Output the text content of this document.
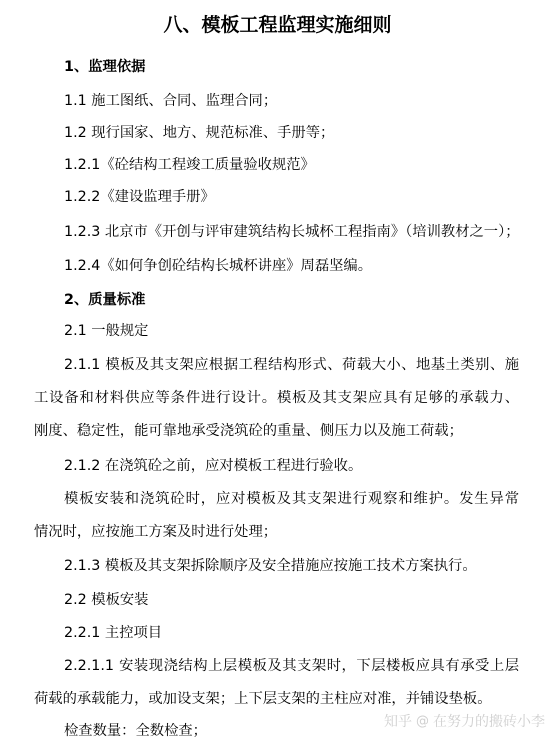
八、模板工程监理实施细则
1、监理依据
1.1 施工图纸、合同、监理合同；
1.2 现行国家、地方、规范标准、手册等；
1.2.1《砼结构工程竣工质量验收规范》
1.2.2《建设监理手册》
1.2.3 北京市《开创与评审建筑结构长城杯工程指南》（培训教材之一）；
1.2.4《如何争创砼结构长城杯讲座》周磊坚编。
2、质量标准
2.1 一般规定
2.1.1 模板及其支架应根据工程结构形式、荷载大小、地基土类别、施
工设备和材料供应等条件进行设计。模板及其支架应具有足够的承载力、
刚度、稳定性，能可靠地承受浇筑砼的重量、侧压力以及施工荷载；
2.1.2 在浇筑砼之前，应对模板工程进行验收。
模板安装和浇筑砼时，应对模板及其支架进行观察和维护。发生异常
情况时，应按施工方案及时进行处理；
2.1.3 模板及其支架拆除顺序及安全措施应按施工技术方案执行。
2.2 模板安装
2.2.1 主控项目
2.2.1.1 安装现浇结构上层模板及其支架时，下层楼板应具有承受上层
荷载的承载能力，或加设支架；上下层支架的主柱应对准，并铺设垫板。
检查数量：全数检查；
知乎 @ 在努力的搬砖小李
